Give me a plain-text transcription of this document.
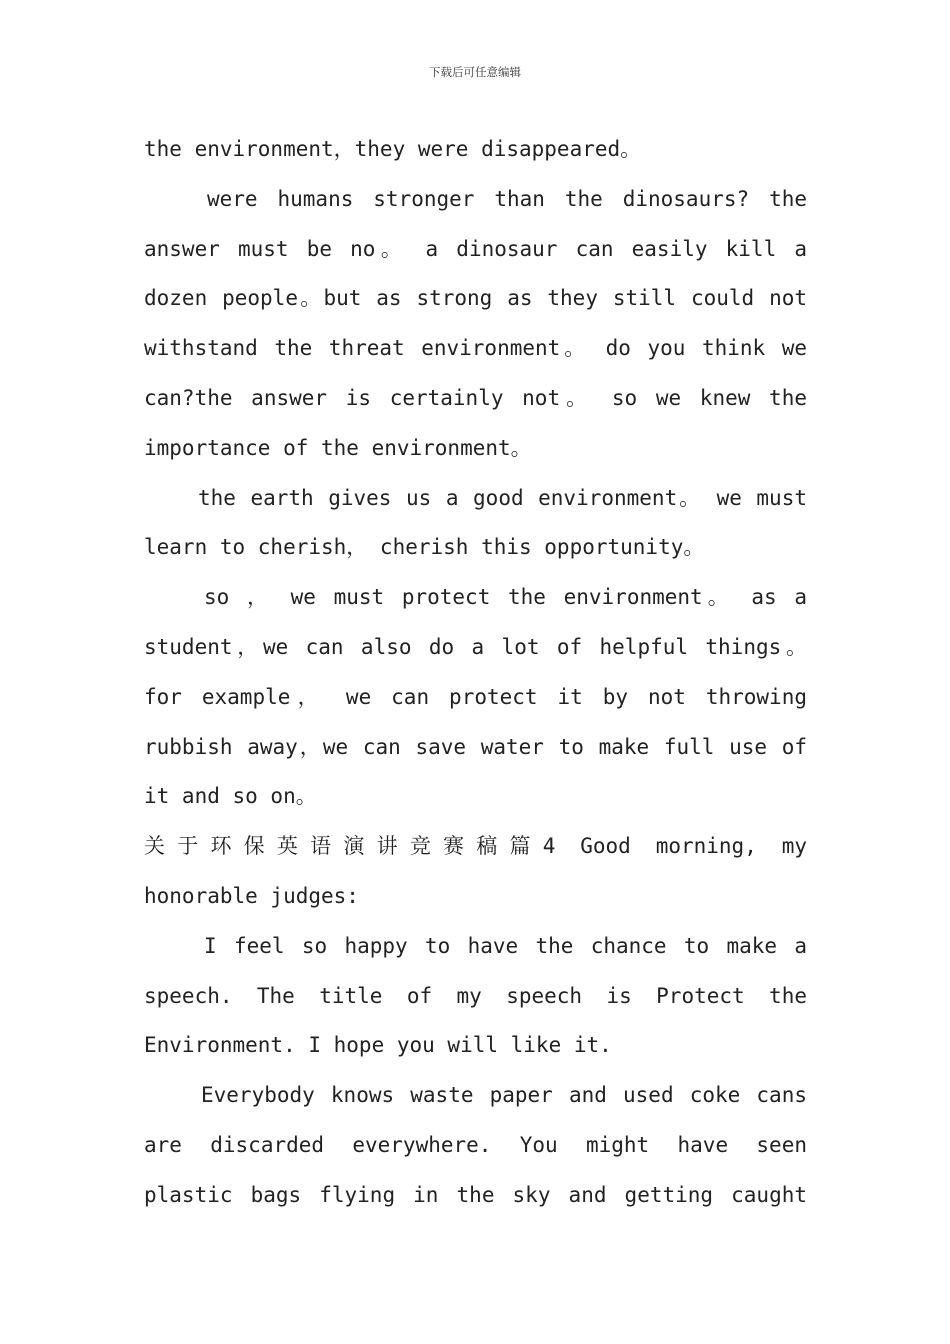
下载后可任意编辑
the environment，they were disappeared。
were humans stronger than the dinosaurs? the
answer must be no。 a dinosaur can easily kill a
dozen people。but as strong as they still could not
withstand the threat environment。 do you think we
can?the answer is certainly not。 so we knew the
importance of the environment。
the earth gives us a good environment。 we must
learn to cherish， cherish this opportunity。
so ， we must protect the environment。 as a
student，we can also do a lot of helpful things。
for example， we can protect it by not throwing
rubbish away，we can save water to make full use of
it and so on。
关于环保英语演讲竞赛稿篇4 Good morning, my
honorable judges:
I feel so happy to have the chance to make a
speech. The title of my speech is Protect the
Environment. I hope you will like it.
Everybody knows waste paper and used coke cans
are discarded everywhere. You might have seen
plastic bags flying in the sky and getting caught
